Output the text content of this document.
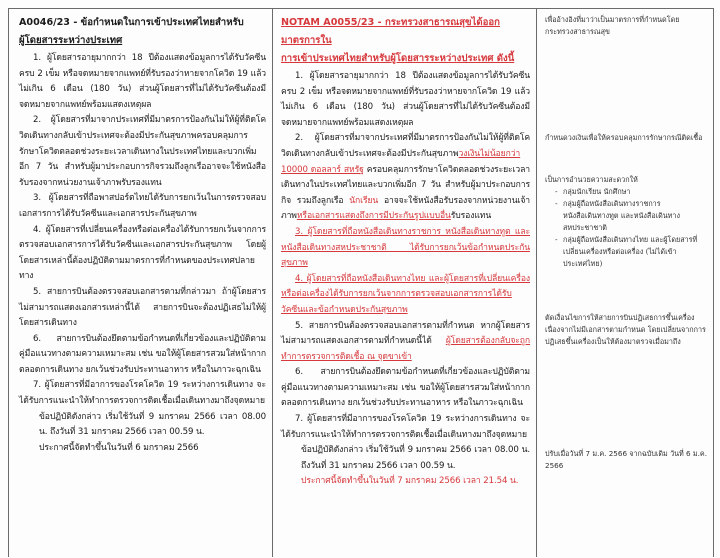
A0046/23 - ข้อกำหนดในการเข้าประเทศไทยสำหรับ
ผู้โดยสารระหว่างประเทศ

1. ผู้โดยสารอายุมากกว่า 18 ปีต้องแสดงข้อมูลการได้รับวัคซีนครบ 2 เข็ม หรือจดหมายจากแพทย์ที่รับรองว่าหายจากโควิด 19 แล้วไม่เกิน 6 เดือน (180 วัน) ส่วนผู้โดยสารที่ไม่ได้รับวัคซีนต้องมีจดหมายจากแพทย์พร้อมแสดงเหตุผล

2. ผู้โดยสารที่มาจากประเทศที่มีมาตรการป้องกันไม่ให้ผู้ที่ติดโควิดเดินทางกลับเข้าประเทศจะต้องมีประกันสุขภาพครอบคลุมการรักษาโควิดตลอดช่วงระยะเวลาเดินทางในประเทศไทยและบวกเพิ่มอีก 7 วัน สำหรับผู้มาประกอบการกิจรวมถึงลูกเรืออาจจะใช้หนังสือรับรองจากหน่วยงานเจ้าภาพรับรองแทน

3. ผู้โดยสารที่ถือพาสปอร์ตไทยได้รับการยกเว้นในการตรวจสอบเอกสารการได้รับวัคซีนและเอกสารประกันสุขภาพ

4. ผู้โดยสารที่เปลี่ยนเครื่องหรือต่อเครื่องได้รับการยกเว้นจากการตรวจสอบเอกสารการได้รับวัคซีนและเอกสารประกันสุขภาพ โดยผู้โดยสารเหล่านี้ต้องปฏิบัติตามมาตรการที่กำหนดของประเทศปลายทาง

5. สายการบินต้องตรวจสอบเอกสารตามที่กล่าวมา ถ้าผู้โดยสารไม่สามารถแสดงเอกสารเหล่านี้ได้ สายการบินจะต้องปฏิเสธไม่ให้ผู้โดยสารเดินทาง

6. สายการบินต้องยึดตามข้อกำหนดที่เกี่ยวข้องและปฏิบัติตามคู่มือแนวทางตามความเหมาะสม เช่น ขอให้ผู้โดยสารสวมใส่หน้ากากตลอดการเดินทาง ยกเว้นช่วงรับประทานอาหาร หรือในภาวะฉุกเฉิน

7. ผู้โดยสารที่มีอาการของโรคโควิด 19 ระหว่างการเดินทาง จะได้รับการแนะนำให้ทำการตรวจการติดเชื้อเมื่อเดินทางมาถึงจุดหมาย

ข้อปฏิบัติดังกล่าว เริ่มใช้วันที่ 9 มกราคม 2566 เวลา 08.00 น. ถึงวันที่ 31 มกราคม 2566 เวลา 00.59 น.

ประกาศนี้จัดทำขึ้นในวันที่ 6 มกราคม 2566

NOTAM A0055/23 - กระทรวงสาธารณสุขได้ออกมาตรการใน
การเข้าประเทศไทยสำหรับผู้โดยสารระหว่างประเทศ ดังนี้

1. ผู้โดยสารอายุมากกว่า 18 ปีต้องแสดงข้อมูลการได้รับวัคซีนครบ 2 เข็ม หรือจดหมายจากแพทย์ที่รับรองว่าหายจากโควิด 19 แล้วไม่เกิน 6 เดือน (180 วัน) ส่วนผู้โดยสารที่ไม่ได้รับวัคซีนต้องมีจดหมายจากแพทย์พร้อมแสดงเหตุผล

2. ผู้โดยสารที่มาจากประเทศที่มีมาตรการป้องกันไม่ให้ผู้ที่ติดโควิดเดินทางกลับเข้าประเทศจะต้องมีประกันสุขภาพวงเงินไม่น้อยกว่า 10000 ดอลลาร์ สหรัฐ ครอบคลุมการรักษาโควิดตลอดช่วงระยะเวลาเดินทางในประเทศไทยและบวกเพิ่มอีก 7 วัน สำหรับผู้มาประกอบการกิจ รวมถึงลูกเรือ นักเรียน อาจจะใช้หนังสือรับรองจากหน่วยงานเจ้าภาพหรือเอกสารแสดงถึงการมีประกันรูปแบบอื่นรับรองแทน

3. ผู้โดยสารที่ถือหนังสือเดินทางราชการ หนังสือเดินทางทูต และหนังสือเดินทางสหประชาชาติ ได้รับการยกเว้นข้อกำหนดประกันสุขภาพ

4. ผู้โดยสารที่ถือหนังสือเดินทางไทย และผู้โดยสารที่เปลี่ยนเครื่องหรือต่อเครื่องได้รับการยกเว้นจากการตรวจสอบเอกสารการได้รับวัคซีนและข้อกำหนดประกันสุขภาพ

5. สายการบินต้องตรวจสอบเอกสารตามที่กำหนด หากผู้โดยสารไม่สามารถแสดงเอกสารตามที่กำหนดนี้ได้ ผู้โดยสารต้องกลับจะถูกทำการตรวจการติดเชื้อ ณ จุดขาเข้า

6. สายการบินต้องยึดตามข้อกำหนดที่เกี่ยวข้องและปฏิบัติตามคู่มือแนวทางตามความเหมาะสม เช่น ขอให้ผู้โดยสารสวมใส่หน้ากากตลอดการเดินทาง ยกเว้นช่วงรับประทานอาหาร หรือในภาวะฉุกเฉิน

7. ผู้โดยสารที่มีอาการของโรคโควิด 19 ระหว่างการเดินทาง จะได้รับการแนะนำให้ทำการตรวจการติดเชื้อเมื่อเดินทางมาถึงจุดหมาย

ข้อปฏิบัติดังกล่าว เริ่มใช้วันที่ 9 มกราคม 2566 เวลา 08.00 น. ถึงวันที่ 31 มกราคม 2566 เวลา 00.59 น.

ประกาศนี้จัดทำขึ้นในวันที่ 7 มกราคม 2566 เวลา 21.54 น.

เพื่ออ้างอิงที่มาว่าเป็นมาตรการที่กำหนดโดยกระทรวงสาธารณสุข

กำหนดวงเงินเพื่อให้ครอบคลุมการรักษากรณีติดเชื้อ

เป็นการอำนวยความสะดวกให้

- กลุ่มนักเรียน นักศึกษา
- กลุ่มผู้ถือหนังสือเดินทางราชการ หนังสือเดินทางทูต และหนังสือเดินทางสหประชาชาติ
- กลุ่มผู้ถือหนังสือเดินทางไทย และผู้โดยสารที่เปลี่ยนเครื่องหรือต่อเครื่อง (ไม่ได้เข้าประเทศไทย)

ตัดเงื่อนไขการให้สายการบินปฏิเสธการขึ้นเครื่อง เนื่องจากไม่มีเอกสารตามกำหนด โดยเปลี่ยนจากการปฏิเสธขึ้นเครื่องเป็นให้ต้องมาตรวจเมื่อมาถึง

ปรับเมื่อวันที่ 7 ม.ค. 2566 จากฉบับเดิม วันที่ 6 ม.ค. 2566
